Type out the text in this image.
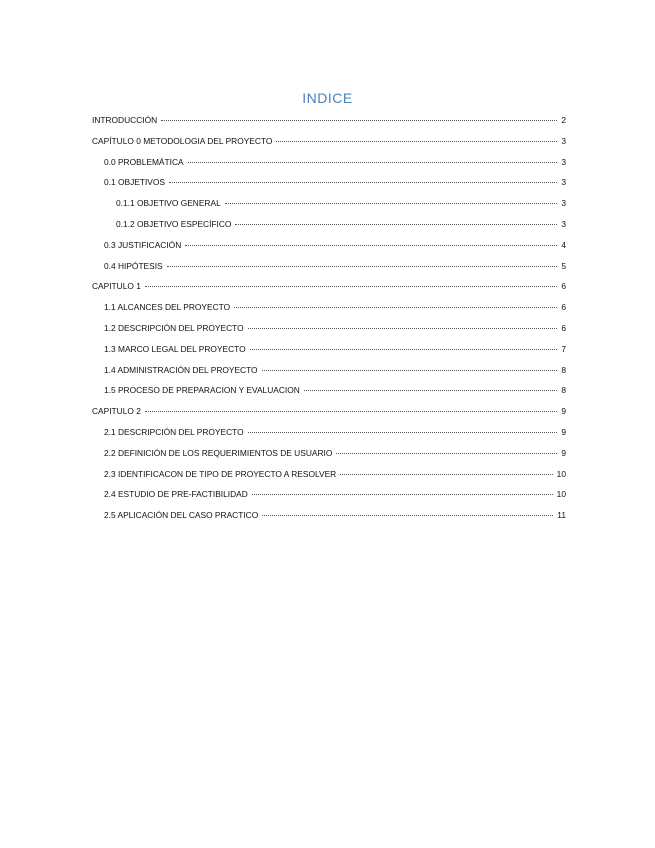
INDICE
INTRODUCCIÓN	2
CAPÍTULO 0 METODOLOGIA DEL PROYECTO	3
0.0 PROBLEMÁTICA	3
0.1 OBJETIVOS	3
0.1.1 OBJETIVO GENERAL	3
0.1.2 OBJETIVO ESPECÍFICO	3
0.3 JUSTIFICACIÓN	4
0.4 HIPÓTESIS	5
CAPITULO 1	6
1.1 ALCANCES DEL PROYECTO	6
1.2 DESCRIPCIÓN DEL PROYECTO	6
1.3 MARCO LEGAL DEL PROYECTO	7
1.4 ADMINISTRACIÓN DEL PROYECTO	8
1.5 PROCESO DE PREPARACION Y EVALUACION	8
CAPITULO 2	9
2.1 DESCRIPCIÓN DEL PROYECTO	9
2.2 DEFINICIÓN DE LOS REQUERIMIENTOS DE USUARIO	9
2.3 IDENTIFICACON DE TIPO DE PROYECTO A RESOLVER	10
2.4 ESTUDIO DE PRE-FACTIBILIDAD	10
2.5 APLICACIÓN DEL CASO PRACTICO	11
